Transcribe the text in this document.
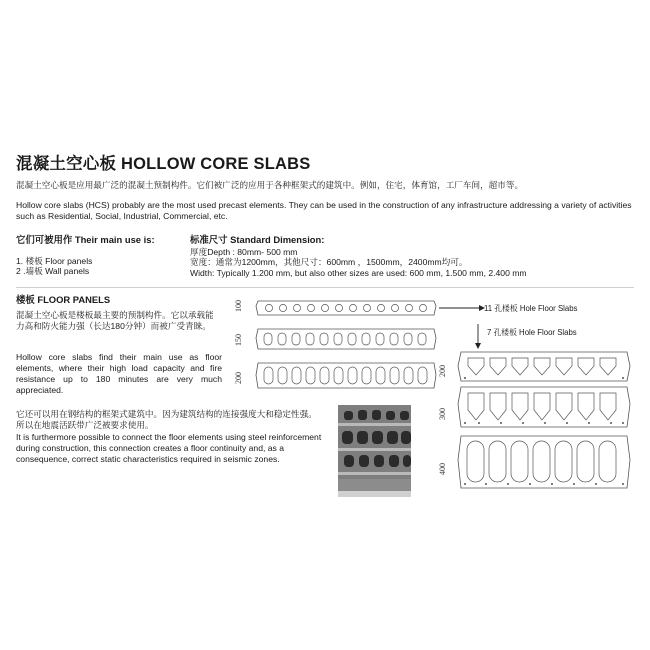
混凝土空心板 HOLLOW CORE SLABS
混凝土空心板是应用最广泛的混凝土预制构件。它们被广泛的应用于各种框架式的建筑中。例如，住宅，体育馆，工厂车间，超市等。
Hollow core slabs (HCS) probably are the most used precast elements. They can be used in the construction of any infrastructure addressing a variety of activities such as Residential, Social, Industrial, Commercial, etc.
它们可被用作 Their main use is:
1. 楼板 Floor panels
2 .墙板 Wall panels
标准尺寸 Standard Dimension:
厚度Depth : 80mm- 500 mm
宽度：通常为1200mm，其他尺寸：600mm ，1500mm，2400mm均可。
Width: Typically 1.200 mm, but also other sizes are used: 600 mm, 1.500 mm, 2.400 mm
楼板 FLOOR PANELS
混凝土空心板是楼板最主要的预制构件。它以承载能力高和防火能力强（长达180分钟）而被广受青睐。
Hollow core slabs find their main use as floor elements, where their high load capacity and fire resistance up to 180 minutes are very much appreciated.
它还可以用在钢结构的框架式建筑中。因为建筑结构的连接强度大和稳定性强。所以在地震活跃带广泛被要求使用。
It is furthermore possible to connect the floor elements using steel reinforcement during construction, this connection creates a floor continuity and, as a consequence, correct static characteristics required in seismic zones.
100
150
200
200
300
400
11 孔楼板 Hole Floor Slabs
7 孔楼板 Hole Floor Slabs
